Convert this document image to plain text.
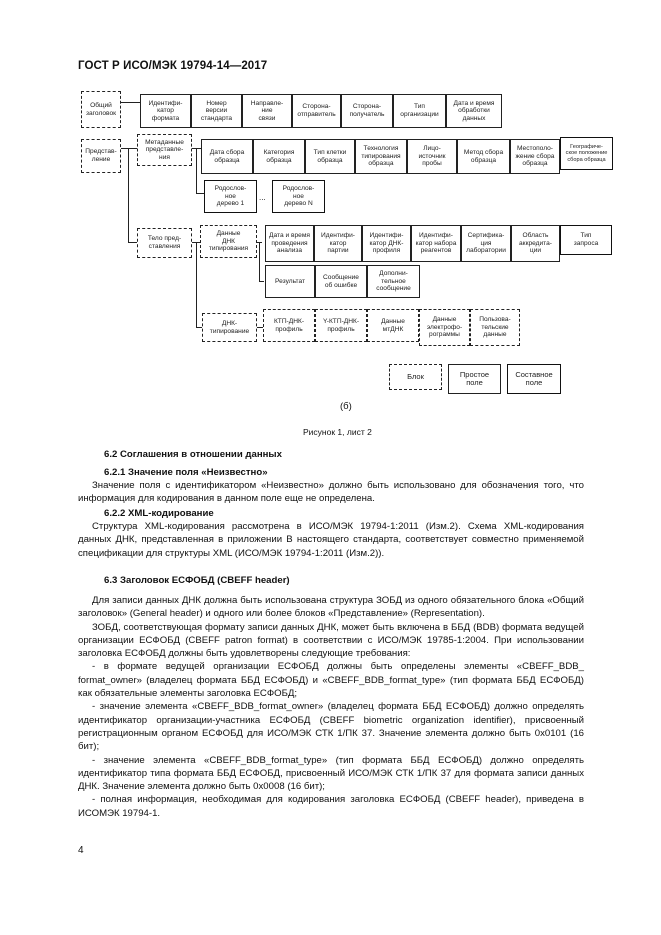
ГОСТ Р ИСО/МЭК 19794-14—2017
Общий
заголовок
Идентифи-
катор
формата
Номер
версии
стандарта
Направле-
ние
связи
Сторона-
отправитель
Сторона-
получатель
Тип
организации
Дата и время
обработки
данных
Представ-
ление
Метаданные
представле-
ния
Дата сбора
образца
Категория
образца
Тип клетки
образца
Технология
типирования
образца
Лицо-
источник
пробы
Метод сбора
образца
Местополо-
жение сбора
образца
Географиче-
ское положение
сбора образца
Родослов-
ное
дерево 1
...
Родослов-
ное
дерево N
Тело пред-
ставления
Данные
ДНК
типирования
Дата и время
проведения
анализа
Идентифи-
катор
партии
Идентифи-
катор ДНК-
профиля
Идентифи-
катор набора
реагентов
Сертифика-
ция
лаборатории
Область
аккредита-
ции
Тип
запроса
Результат
Сообщение
об ошибке
Дополни-
тельное
сообщение
ДНК-
типирование
КТП-ДНК-
профиль
Y-КТП-ДНК-
профиль
Данные
мтДНК
Данные
электрофо-
рограммы
Пользова-
тельские
данные
Блок	Простое
поле
Составное
поле
(б)
Рисунок 1, лист 2
6.2 Соглашения в отношении данных
6.2.1 Значение поля «Неизвестно»

Значение поля с идентификатором «Неизвестно» должно быть использовано для обозначения того, что информация для кодирования в данном поле еще не определена.

6.2.2 XML-кодирование

Структура XML-кодирования рассмотрена в ИСО/МЭК 19794-1:2011 (Изм.2). Схема XML-кодирования данных ДНК, представленная в приложении В настоящего стандарта, соответствует совместно применяемой спецификации для структуры XML (ИСО/МЭК 19794-1:2011 (Изм.2)).

6.3 Заголовок ЕСФОБД (CBEFF header)

Для записи данных ДНК должна быть использована структура ЗОБД из одного обязательного блока «Общий заголовок» (General header) и одного или более блоков «Представление» (Representation).

ЗОБД, соответствующая формату записи данных ДНК, может быть включена в ББД (BDB) формата ведущей организации ЕСФОБД (CBEFF patron format) в соответствии с ИСО/МЭК 19785-1:2004. При использовании заголовка ЕСФОБД должны быть удовлетворены следующие требования:

- в формате ведущей организации ЕСФОБД должны быть определены элементы «CBEFF_BDB_ format_owner» (владелец формата ББД ЕСФОБД) и «CBEFF_BDB_format_type» (тип формата ББД ЕСФОБД) как обязательные элементы заголовка ЕСФОБД;

- значение элемента «CBEFF_BDB_format_owner» (владелец формата ББД ЕСФОБД) должно определять идентификатор организации-участника ЕСФОБД (CBEFF biometric organization identifier), присвоенный регистрационным органом ЕСФОБД для ИСО/МЭК СТК 1/ПК 37. Значение элемента должно быть 0x0101 (16 бит);

- значение элемента «CBEFF_BDB_format_type» (тип формата ББД ЕСФОБД) должно определять идентификатор типа формата ББД ЕСФОБД, присвоенный ИСО/МЭК СТК 1/ПК 37 для формата записи данных ДНК. Значение элемента должно быть 0x0008 (16 бит);

- полная информация, необходимая для кодирования заголовка ЕСФОБД (CBEFF header), приведена в ИСОМЭК 19794-1.

4
